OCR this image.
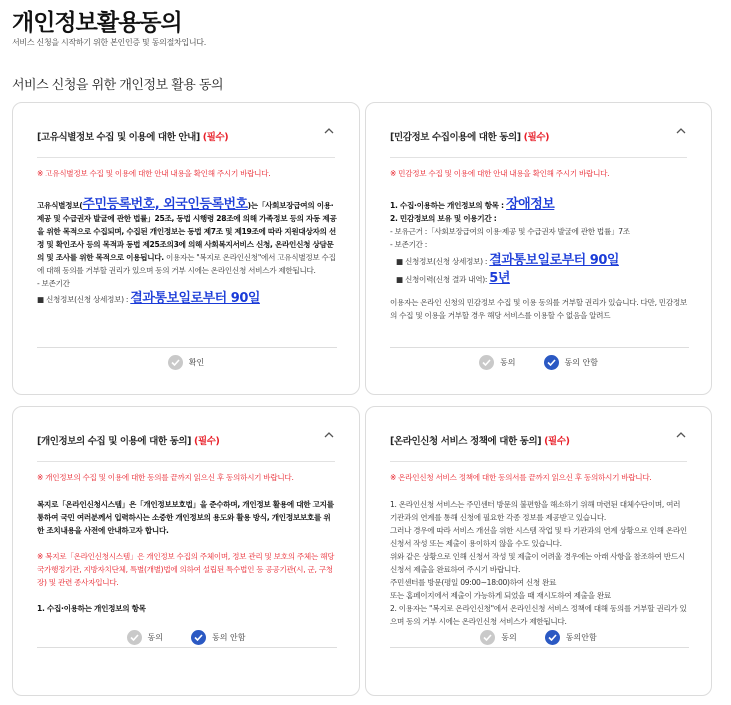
개인정보활용동의
서비스 신청을 시작하기 위한 본인인증 및 동의절차입니다.
서비스 신청을 위한 개인정보 활용 동의
[고유식별정보 수집 및 이용에 대한 안내] (필수)

※ 고유식별정보 수집 및 이용에 대한 안내 내용을 확인해 주시기 바랍니다.

고유식별정보(주민등록번호, 외국인등록번호)는「사회보장급여의 이용·제공 및 수급권자 발굴에 관한 법률」25조, 동법 시행령 28조에 의해 가족정보 등의 자동 제공을 위한 목적으로 수집되며, 수집된 개인정보는 동법 제7조 및 제19조에 따라 지원대상자의 선정 및 확인조사 등의 목적과 동법 제25조의3에 의해 사회복지서비스 신청, 온라인신청 상담문의 및 조사를 위한 목적으로 이용됩니다. 이용자는 "복지로 온라인신청"에서 고유식별정보 수집에 대해 동의를 거부할 권리가 있으며 동의 거부 시에는 온라인신청 서비스가 제한됩니다.

- 보존기간

■ 신청정보(신청 상세정보) : 결과통보일로부터 90일

확인
[민감정보 수집이용에 대한 동의] (필수)

※ 민감정보 수집 및 이용에 대한 안내 내용을 확인해 주시기 바랍니다.

1. 수집·이용하는 개인정보의 항목 : 장애정보

2. 민감정보의 보유 및 이용기간 :

- 보유근거 :「사회보장급여의 이용·제공 및 수급권자 발굴에 관한 법률」7조

- 보존기간 :

■ 신청정보(신청 상세정보) : 결과통보일로부터 90일

■ 신청이력(신청 결과 내역): 5년

이용자는 온라인 신청의 민감정보 수집 및 이용 동의를 거부할 권리가 있습니다. 다만, 민감정보의 수집 및 이용을 거부할 경우 해당 서비스를 이용할 수 없음을 알려드

동의	동의 안함
[개인정보의 수집 및 이용에 대한 동의] (필수)

※ 개인정보의 수집 및 이용에 대한 동의를 끝까지 읽으신 후 동의하시기 바랍니다.

복지로「온라인신청시스템」은「개인정보보호법」을 준수하며, 개인정보 활용에 대한 고지를 통하여 국민 여러분께서 입력하시는 소중한 개인정보의 용도와 활용 방식, 개인정보보호를 위한 조치내용을 사전에 안내하고자 합니다.

※ 복지로「온라인신청시스템」은 개인정보 수집의 주체이며, 정보 관리 및 보호의 주체는 해당 국가행정기관, 지방자치단체, 특별(개별)법에 의하여 설립된 특수법인 등 공공기관(시, 군, 구청장) 및 관련 종사자입니다.

1. 수집·이용하는 개인정보의 항목

동의	동의 안함
[온라인신청 서비스 정책에 대한 동의] (필수)

※ 온라인신청 서비스 정책에 대한 동의서를 끝까지 읽으신 후 동의하시기 바랍니다.

1. 온라인신청 서비스는 주민센터 방문의 불편함을 해소하기 위해 마련된 대체수단이며, 여러 기관과의 연계를 통해 신청에 필요한 각종 정보를 제공받고 있습니다.

그러나 경우에 따라 서비스 개선을 위한 시스템 작업 및 타 기관과의 연계 상황으로 인해 온라인 신청서 작성 또는 제출이 용이하지 않을 수도 있습니다.

위와 같은 상황으로 인해 신청서 작성 및 제출이 어려울 경우에는 아래 사항을 참조하여 반드시 신청서 제출을 완료하여 주시기 바랍니다.

주민센터를 방문(평일 09:00~18:00)하여 신청 완료

또는 홈페이지에서 제출이 가능하게 되었을 때 재시도하여 제출을 완료

2. 이용자는 "복지로 온라인신청"에서 온라인신청 서비스 정책에 대해 동의를 거부할 권리가 있으며 동의 거부 시에는 온라인신청 서비스가 제한됩니다.

동의	동의안함
